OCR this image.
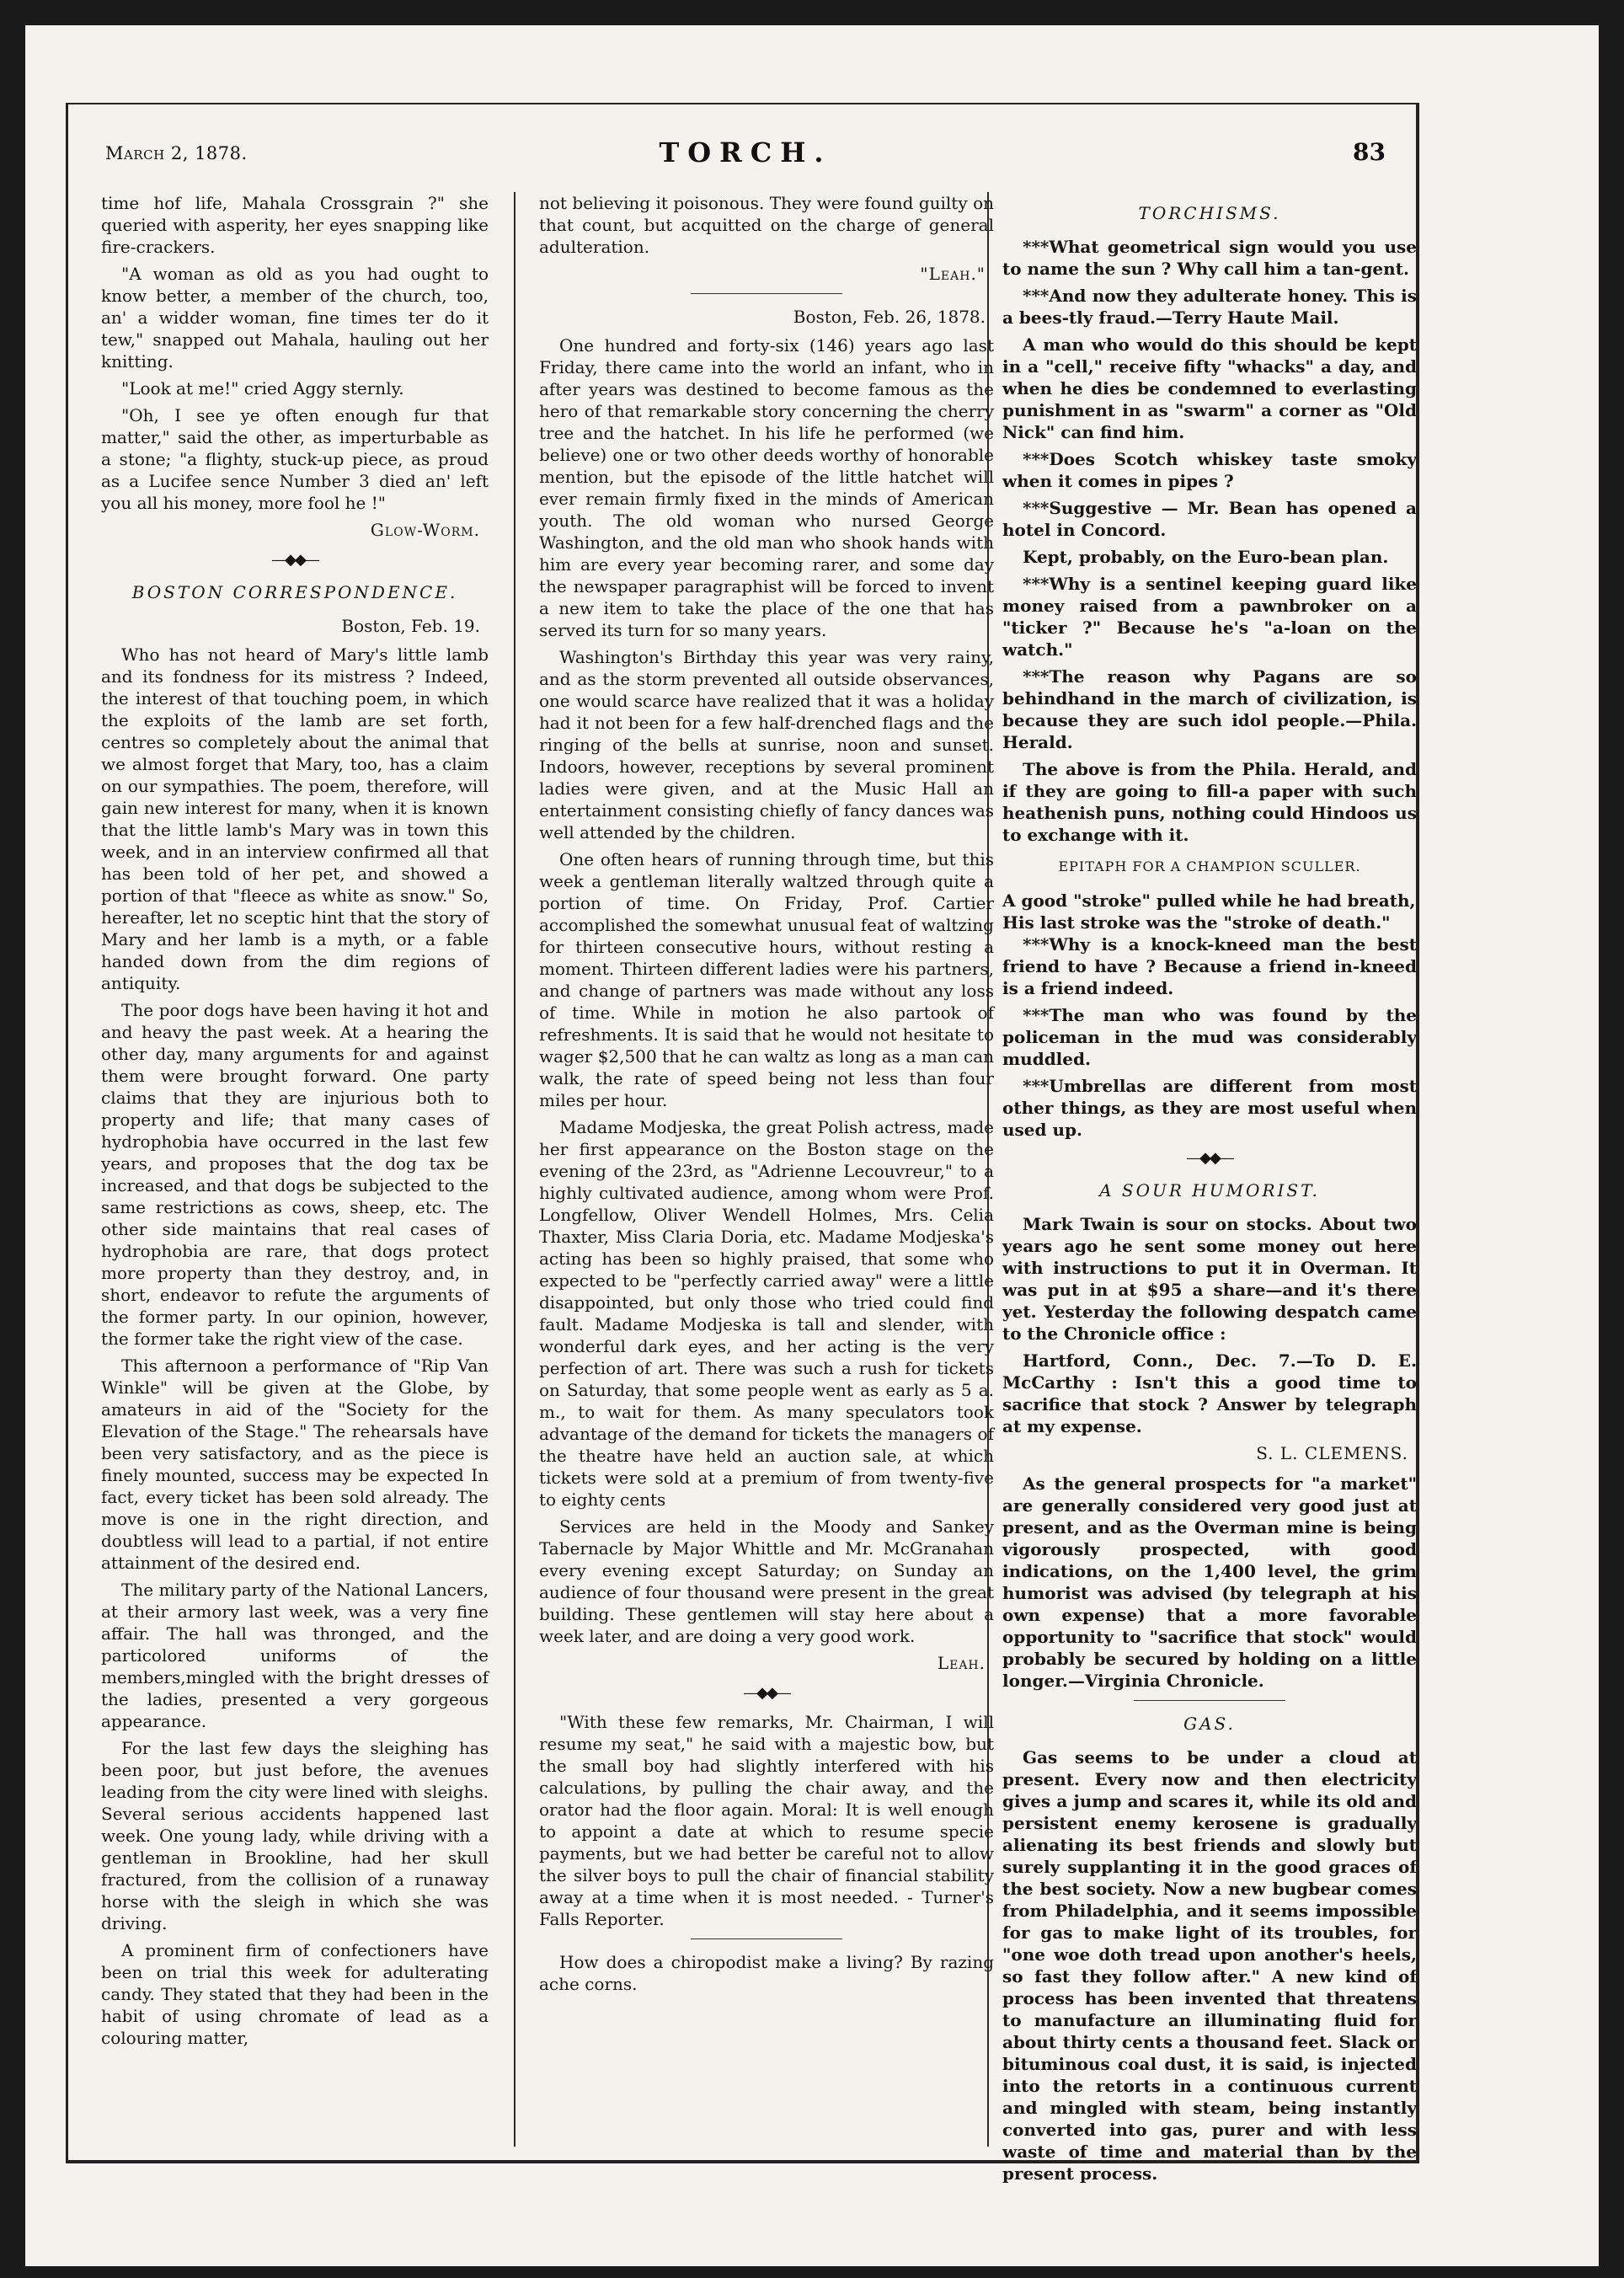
March 2, 1878.	TORCH.	83

time hof life, Mahala Crossgrain ?" she queried with asperity, her eyes snapping like fire-crackers.

"A woman as old as you had ought to know better, a member of the church, too, an' a widder woman, fine times ter do it tew," snapped out Mahala, hauling out her knitting.

"Look at me!" cried Aggy sternly.

"Oh, I see ye often enough fur that matter," said the other, as imperturbable as a stone; "a flighty, stuck-up piece, as proud as a Lucifee sence Number 3 died an' left you all his money, more fool he !"

Glow-Worm.
—◆◆—
BOSTON CORRESPONDENCE.
Boston, Feb. 19.

Who has not heard of Mary's little lamb and its fondness for its mistress ? Indeed, the interest of that touching poem, in which the exploits of the lamb are set forth, centres so completely about the animal that we almost forget that Mary, too, has a claim on our sympathies. The poem, therefore, will gain new interest for many, when it is known that the little lamb's Mary was in town this week, and in an interview confirmed all that has been told of her pet, and showed a portion of that "fleece as white as snow." So, hereafter, let no sceptic hint that the story of Mary and her lamb is a myth, or a fable handed down from the dim regions of antiquity.

The poor dogs have been having it hot and and heavy the past week. At a hearing the other day, many arguments for and against them were brought forward. One party claims that they are injurious both to property and life; that many cases of hydrophobia have occurred in the last few years, and proposes that the dog tax be increased, and that dogs be subjected to the same restrictions as cows, sheep, etc. The other side maintains that real cases of hydrophobia are rare, that dogs protect more property than they destroy, and, in short, endeavor to refute the arguments of the former party. In our opinion, however, the former take the right view of the case.

This afternoon a performance of "Rip Van Winkle" will be given at the Globe, by amateurs in aid of the "Society for the Elevation of the Stage." The rehearsals have been very satisfactory, and as the piece is finely mounted, success may be expected In fact, every ticket has been sold already. The move is one in the right direction, and doubtless will lead to a partial, if not entire attainment of the desired end.

The military party of the National Lancers, at their armory last week, was a very fine affair. The hall was thronged, and the particolored uniforms of the members,mingled with the bright dresses of the ladies, presented a very gorgeous appearance.

For the last few days the sleighing has been poor, but just before, the avenues leading from the city were lined with sleighs. Several serious accidents happened last week. One young lady, while driving with a gentleman in Brookline, had her skull fractured, from the collision of a runaway horse with the sleigh in which she was driving.

A prominent firm of confectioners have been on trial this week for adulterating candy. They stated that they had been in the habit of using chromate of lead as a colouring matter,

not believing it poisonous. They were found guilty on that count, but acquitted on the charge of general adulteration.

"Leah."
Boston, Feb. 26, 1878.

One hundred and forty-six (146) years ago last Friday, there came into the world an infant, who in after years was destined to become famous as the hero of that remarkable story concerning the cherry tree and the hatchet. In his life he performed (we believe) one or two other deeds worthy of honorable mention, but the episode of the little hatchet will ever remain firmly fixed in the minds of American youth. The old woman who nursed George Washington, and the old man who shook hands with him are every year becoming rarer, and some day the newspaper paragraphist will be forced to invent a new item to take the place of the one that has served its turn for so many years.

Washington's Birthday this year was very rainy, and as the storm prevented all outside observances, one would scarce have realized that it was a holiday had it not been for a few half-drenched flags and the ringing of the bells at sunrise, noon and sunset. Indoors, however, receptions by several prominent ladies were given, and at the Music Hall an entertainment consisting chiefly of fancy dances was well attended by the children.

One often hears of running through time, but this week a gentleman literally waltzed through quite a portion of time. On Friday, Prof. Cartier accomplished the somewhat unusual feat of waltzing for thirteen consecutive hours, without resting a moment. Thirteen different ladies were his partners, and change of partners was made without any loss of time. While in motion he also partook of refreshments. It is said that he would not hesitate to wager $2,500 that he can waltz as long as a man can walk, the rate of speed being not less than four miles per hour.

Madame Modjeska, the great Polish actress, made her first appearance on the Boston stage on the evening of the 23rd, as "Adrienne Lecouvreur," to a highly cultivated audience, among whom were Prof. Longfellow, Oliver Wendell Holmes, Mrs. Celia Thaxter, Miss Claria Doria, etc. Madame Modjeska's acting has been so highly praised, that some who expected to be "perfectly carried away" were a little disappointed, but only those who tried could find fault. Madame Modjeska is tall and slender, with wonderful dark eyes, and her acting is the very perfection of art. There was such a rush for tickets on Saturday, that some people went as early as 5 a. m., to wait for them. As many speculators took advantage of the demand for tickets the managers of the theatre have held an auction sale, at which tickets were sold at a premium of from twenty-five to eighty cents

Services are held in the Moody and Sankey Tabernacle by Major Whittle and Mr. McGranahan every evening except Saturday; on Sunday an audience of four thousand were present in the great building. These gentlemen will stay here about a week later, and are doing a very good work.

Leah.
—◆◆—

"With these few remarks, Mr. Chairman, I will resume my seat," he said with a majestic bow, but the small boy had slightly interfered with his calculations, by pulling the chair away, and the orator had the floor again. Moral: It is well enough to appoint a date at which to resume specie payments, but we had better be careful not to allow the silver boys to pull the chair of financial stability away at a time when it is most needed. - Turner's Falls Reporter.

How does a chiropodist make a living? By razing ache corns.

TORCHISMS.

***What geometrical sign would you use to name the sun ? Why call him a tan-gent.

***And now they adulterate honey. This is a bees-tly fraud.—Terry Haute Mail.

A man who would do this should be kept in a "cell," receive fifty "whacks" a day, and when he dies be condemned to everlasting punishment in as "swarm" a corner as "Old Nick" can find him.

***Does Scotch whiskey taste smoky when it comes in pipes ?

***Suggestive — Mr. Bean has opened a hotel in Concord.

Kept, probably, on the Euro-bean plan.

***Why is a sentinel keeping guard like money raised from a pawnbroker on a "ticker ?" Because he's "a-loan on the watch."

***The reason why Pagans are so behindhand in the march of civilization, is because they are such idol people.—Phila. Herald.

The above is from the Phila. Herald, and if they are going to fill-a paper with such heathenish puns, nothing could Hindoos us to exchange with it.

EPITAPH FOR A CHAMPION SCULLER.

A good "stroke" pulled while he had breath,

His last stroke was the "stroke of death."

***Why is a knock-kneed man the best friend to have ? Because a friend in-kneed is a friend indeed.

***The man who was found by the policeman in the mud was considerably muddled.

***Umbrellas are different from most other things, as they are most useful when used up.

—◆◆—
A SOUR HUMORIST.

Mark Twain is sour on stocks. About two years ago he sent some money out here with instructions to put it in Overman. It was put in at $95 a share—and it's there yet. Yesterday the following despatch came to the Chronicle office :

Hartford, Conn., Dec. 7.—To D. E. McCarthy : Isn't this a good time to sacrifice that stock ? Answer by telegraph at my expense.

S. L. CLEMENS.

As the general prospects for "a market" are generally considered very good just at present, and as the Overman mine is being vigorously prospected, with good indications, on the 1,400 level, the grim humorist was advised (by telegraph at his own expense) that a more favorable opportunity to "sacrifice that stock" would probably be secured by holding on a little longer.—Virginia Chronicle.

GAS.

Gas seems to be under a cloud at present. Every now and then electricity gives a jump and scares it, while its old and persistent enemy kerosene is gradually alienating its best friends and slowly but surely supplanting it in the good graces of the best society. Now a new bugbear comes from Philadelphia, and it seems impossible for gas to make light of its troubles, for "one woe doth tread upon another's heels, so fast they follow after." A new kind of process has been invented that threatens to manufacture an illuminating fluid for about thirty cents a thousand feet. Slack or bituminous coal dust, it is said, is injected into the retorts in a continuous current and mingled with steam, being instantly converted into gas, purer and with less waste of time and material than by the present process.
